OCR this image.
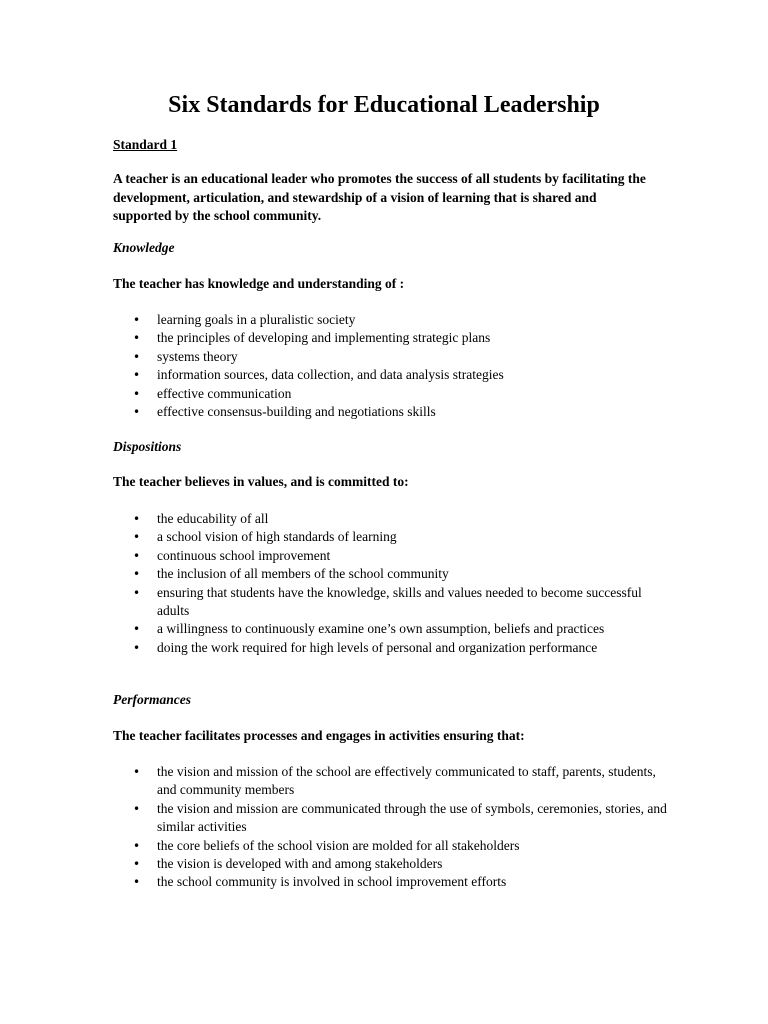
Six Standards for Educational Leadership

Standard 1

A teacher is an educational leader who promotes the success of all students by facilitating the development, articulation, and stewardship of a vision of learning that is shared and supported by the school community.

Knowledge

The teacher has knowledge and understanding of :

• learning goals in a pluralistic society
• the principles of developing and implementing strategic plans
• systems theory
• information sources, data collection, and data analysis strategies
• effective communication
• effective consensus-building and negotiations skills

Dispositions

The teacher believes in values, and is committed to:

• the educability of all
• a school vision of high standards of learning
• continuous school improvement
• the inclusion of all members of the school community
• ensuring that students have the knowledge, skills and values needed to become successful adults
• a willingness to continuously examine one’s own assumption, beliefs and practices
• doing the work required for high levels of personal and organization performance

Performances

The teacher facilitates processes and engages in activities ensuring that:

• the vision and mission of the school are effectively communicated to staff, parents, students, and community members
• the vision and mission are communicated through the use of symbols, ceremonies, stories, and similar activities
• the core beliefs of the school vision are molded for all stakeholders
• the vision is developed with and among stakeholders
• the school community is involved in school improvement efforts
